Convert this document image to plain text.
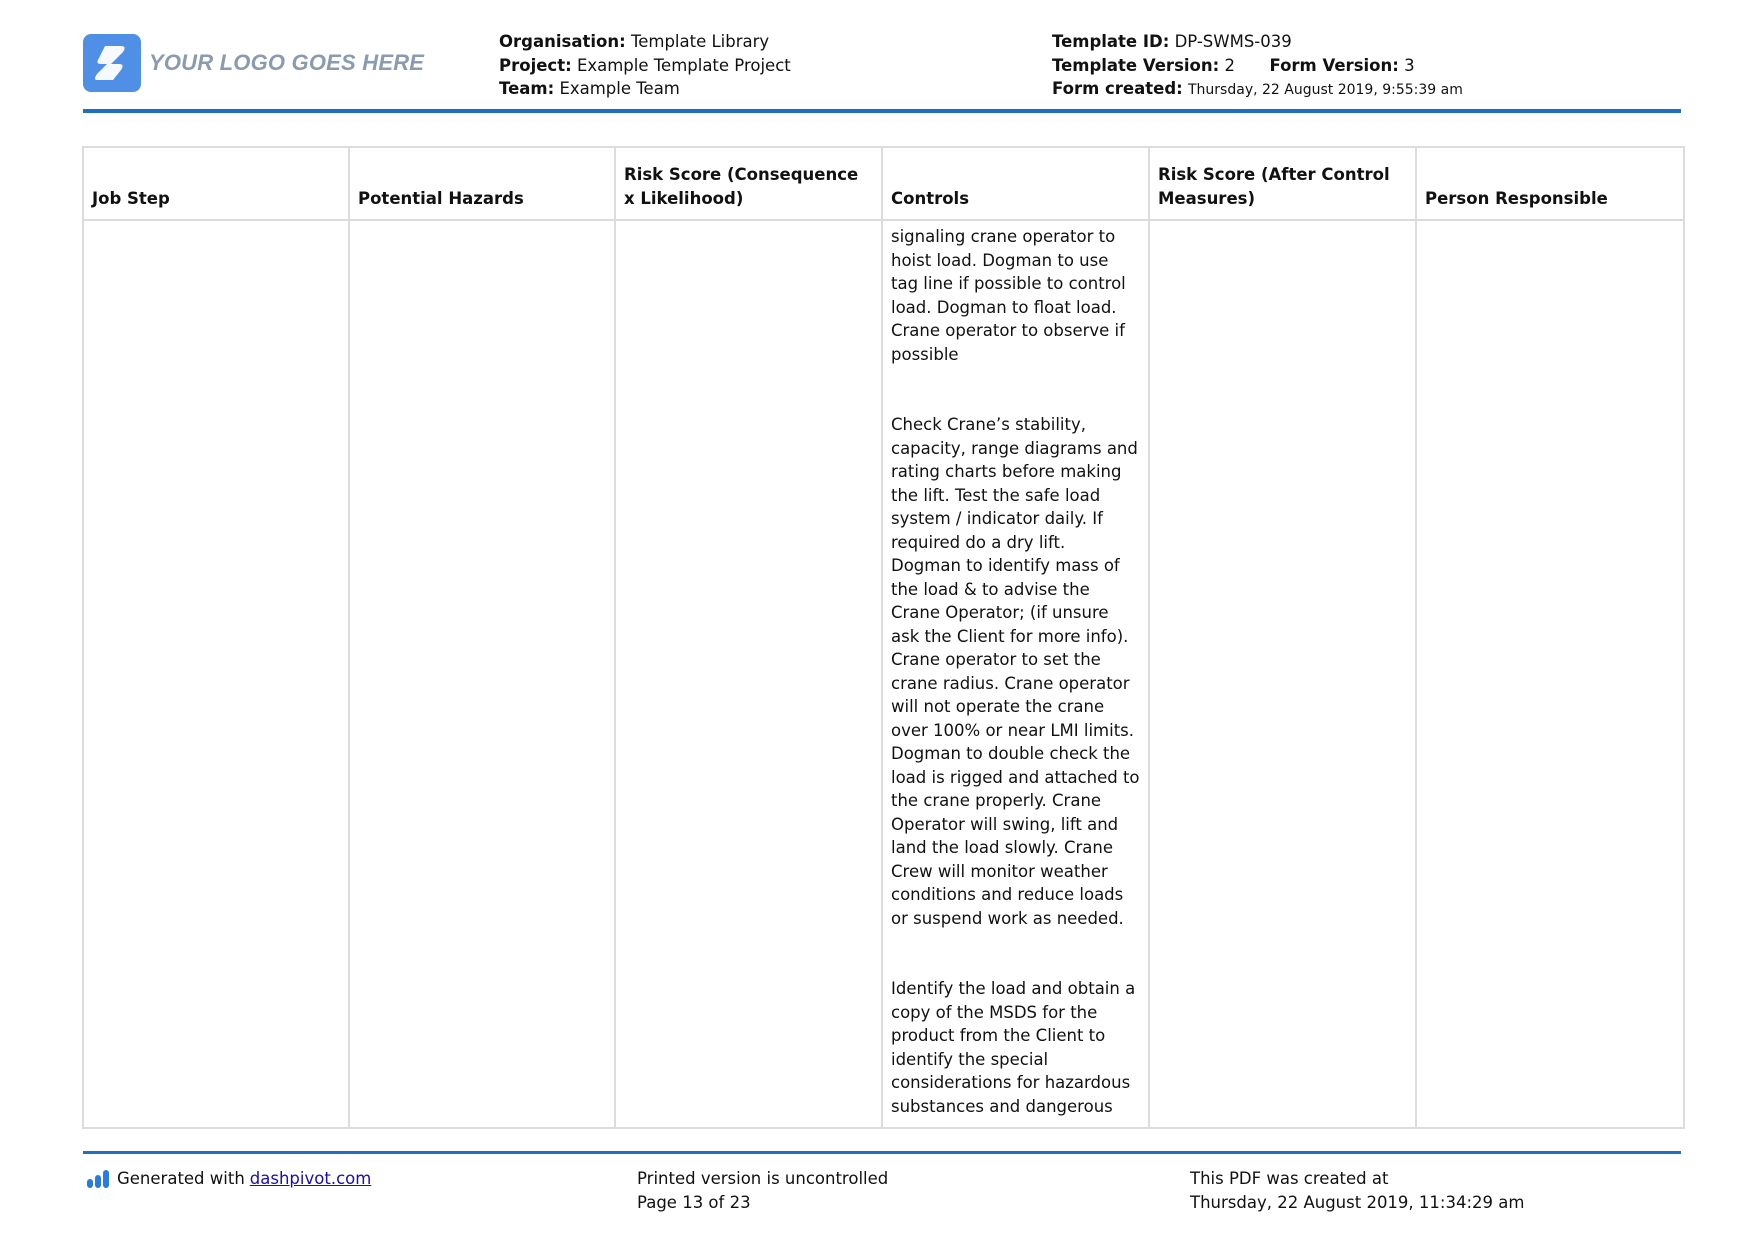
YOUR LOGO GOES HERE
Organisation: Template Library
Project: Example Template Project
Team: Example Team
Template ID: DP-SWMS-039
Template Version: 2 Form Version: 3
Form created: Thursday, 22 August 2019, 9:55:39 am
Job Step	Potential Hazards	Risk Score (Consequence x Likelihood)	Controls	Risk Score (After Control Measures)	Person Responsible

			signaling crane operator to hoist load. Dogman to use tag line if possible to control load. Dogman to float load. Crane operator to observe if possible

Check Crane’s stability, capacity, range diagrams and rating charts before making the lift. Test the safe load system / indicator daily. If required do a dry lift. Dogman to identify mass of the load & to advise the Crane Operator; (if unsure ask the Client for more info). Crane operator to set the crane radius. Crane operator will not operate the crane over 100% or near LMI limits. Dogman to double check the load is rigged and attached to the crane properly. Crane Operator will swing, lift and land the load slowly. Crane Crew will monitor weather conditions and reduce loads or suspend work as needed.

Identify the load and obtain a copy of the MSDS for the product from the Client to identify the special considerations for hazardous substances and dangerous		

Generated with dashpivot.com	Printed version is uncontrolled
Page 13 of 23
This PDF was created at
Thursday, 22 August 2019, 11:34:29 am
